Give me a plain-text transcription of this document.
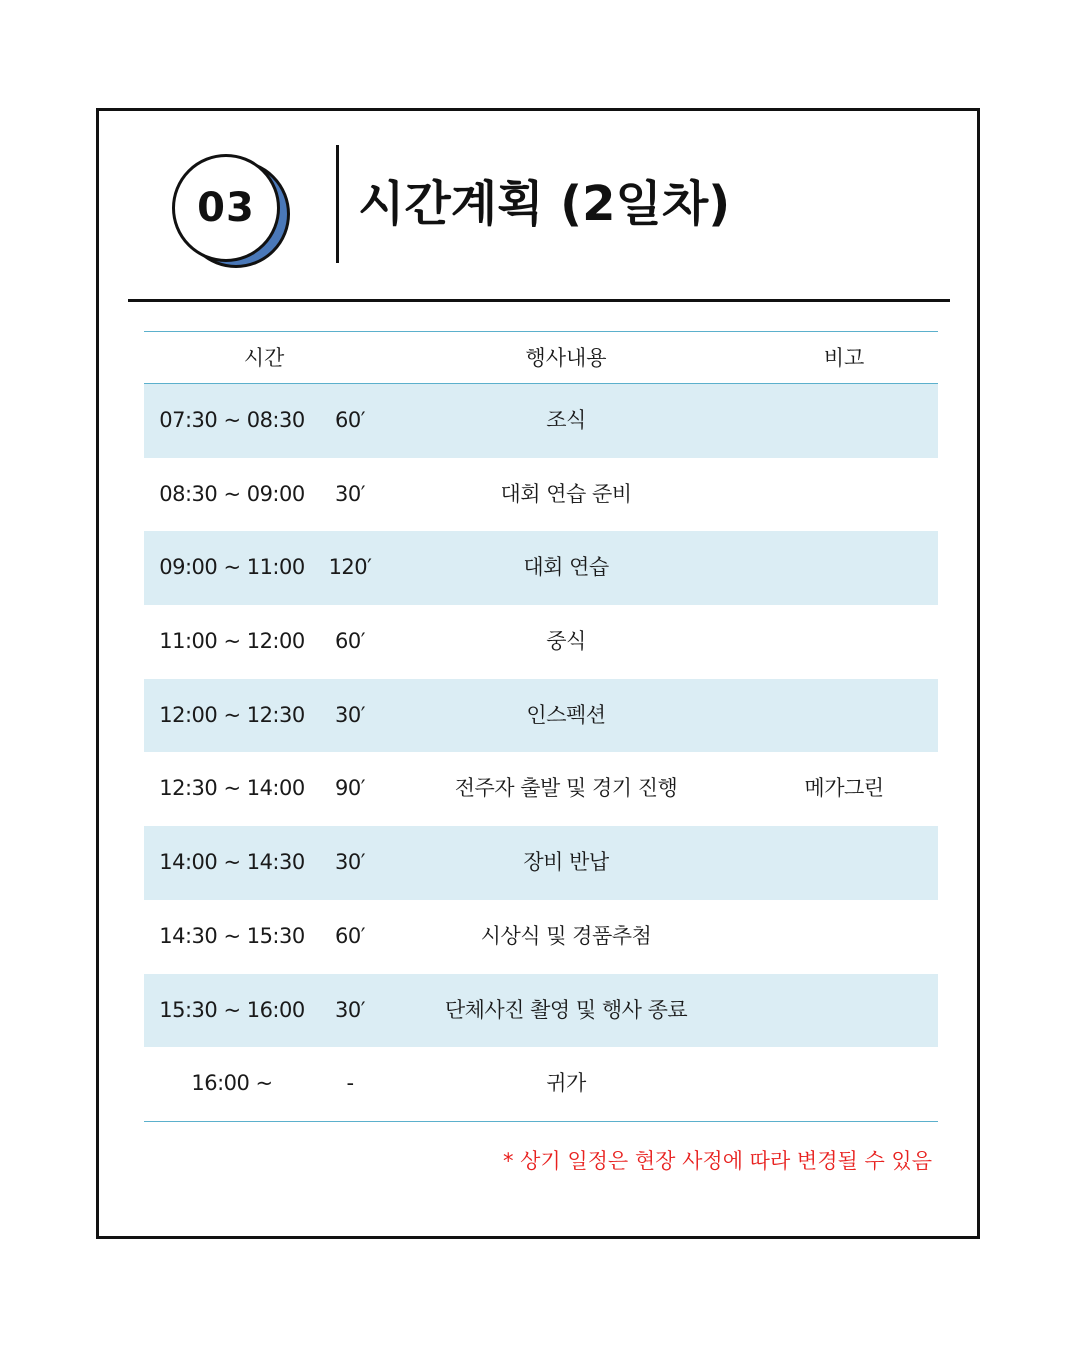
03	시간계획 (2일차)
시간	행사내용	비고
07:30 ~ 08:30	60′	조식
08:30 ~ 09:00	30′	대회 연습 준비
09:00 ~ 11:00	120′	대회 연습
11:00 ~ 12:00	60′	중식
12:00 ~ 12:30	30′	인스펙션
12:30 ~ 14:00	90′	전주자 출발 및 경기 진행	메가그린
14:00 ~ 14:30	30′	장비 반납
14:30 ~ 15:30	60′	시상식 및 경품추첨
15:30 ~ 16:00	30′	단체사진 촬영 및 행사 종료
16:00 ~	-	귀가
* 상기 일정은 현장 사정에 따라 변경될 수 있음
